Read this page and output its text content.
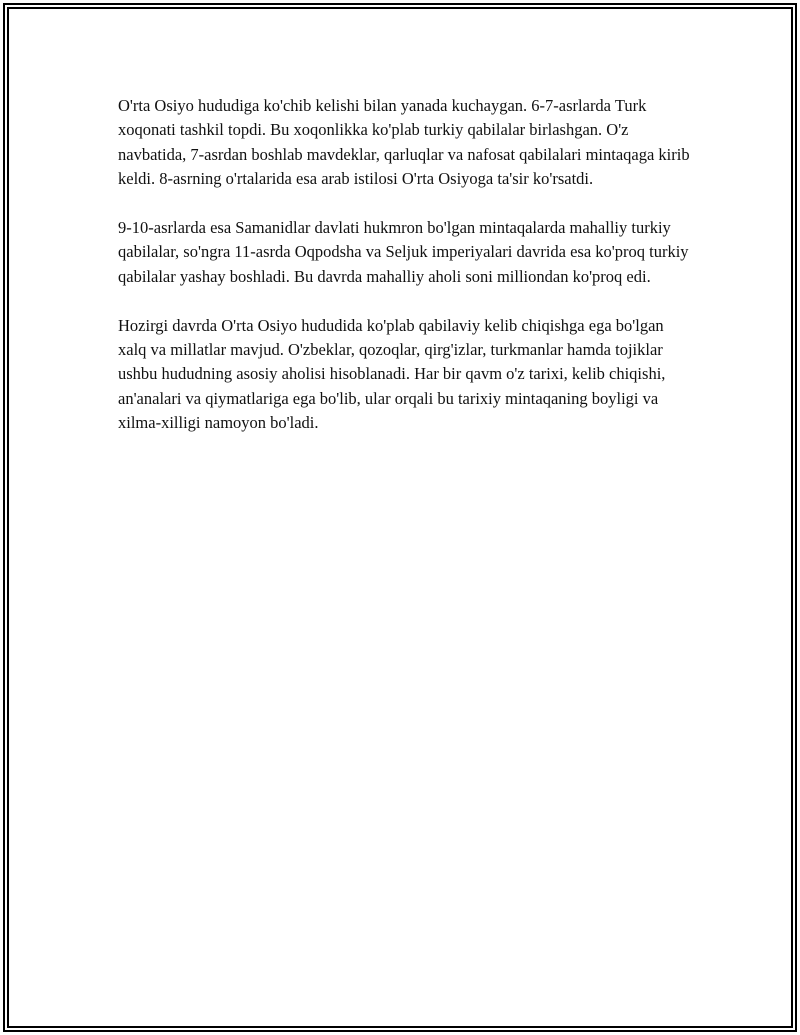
O'rta Osiyo hududiga ko'chib kelishi bilan yanada kuchaygan. 6-7-asrlarda Turk xoqonati tashkil topdi. Bu xoqonlikka ko'plab turkiy qabilalar birlashgan. O'z navbatida, 7-asrdan boshlab mavdeklar, qarluqlar va nafosat qabilalari mintaqaga kirib keldi. 8-asrning o'rtalarida esa arab istilosi O'rta Osiyoga ta'sir ko'rsatdi.

9-10-asrlarda esa Samanidlar davlati hukmron bo'lgan mintaqalarda mahalliy turkiy qabilalar, so'ngra 11-asrda Oqpodsha va Seljuk imperiyalari davrida esa ko'proq turkiy qabilalar yashay boshladi. Bu davrda mahalliy aholi soni milliondan ko'proq edi.

Hozirgi davrda O'rta Osiyo hududida ko'plab qabilaviy kelib chiqishga ega bo'lgan xalq va millatlar mavjud. O'zbeklar, qozoqlar, qirg'izlar, turkmanlar hamda tojiklar ushbu hududning asosiy aholisi hisoblanadi. Har bir qavm o'z tarixi, kelib chiqishi, an'analari va qiymatlariga ega bo'lib, ular orqali bu tarixiy mintaqaning boyligi va xilma-xilligi namoyon bo'ladi.
